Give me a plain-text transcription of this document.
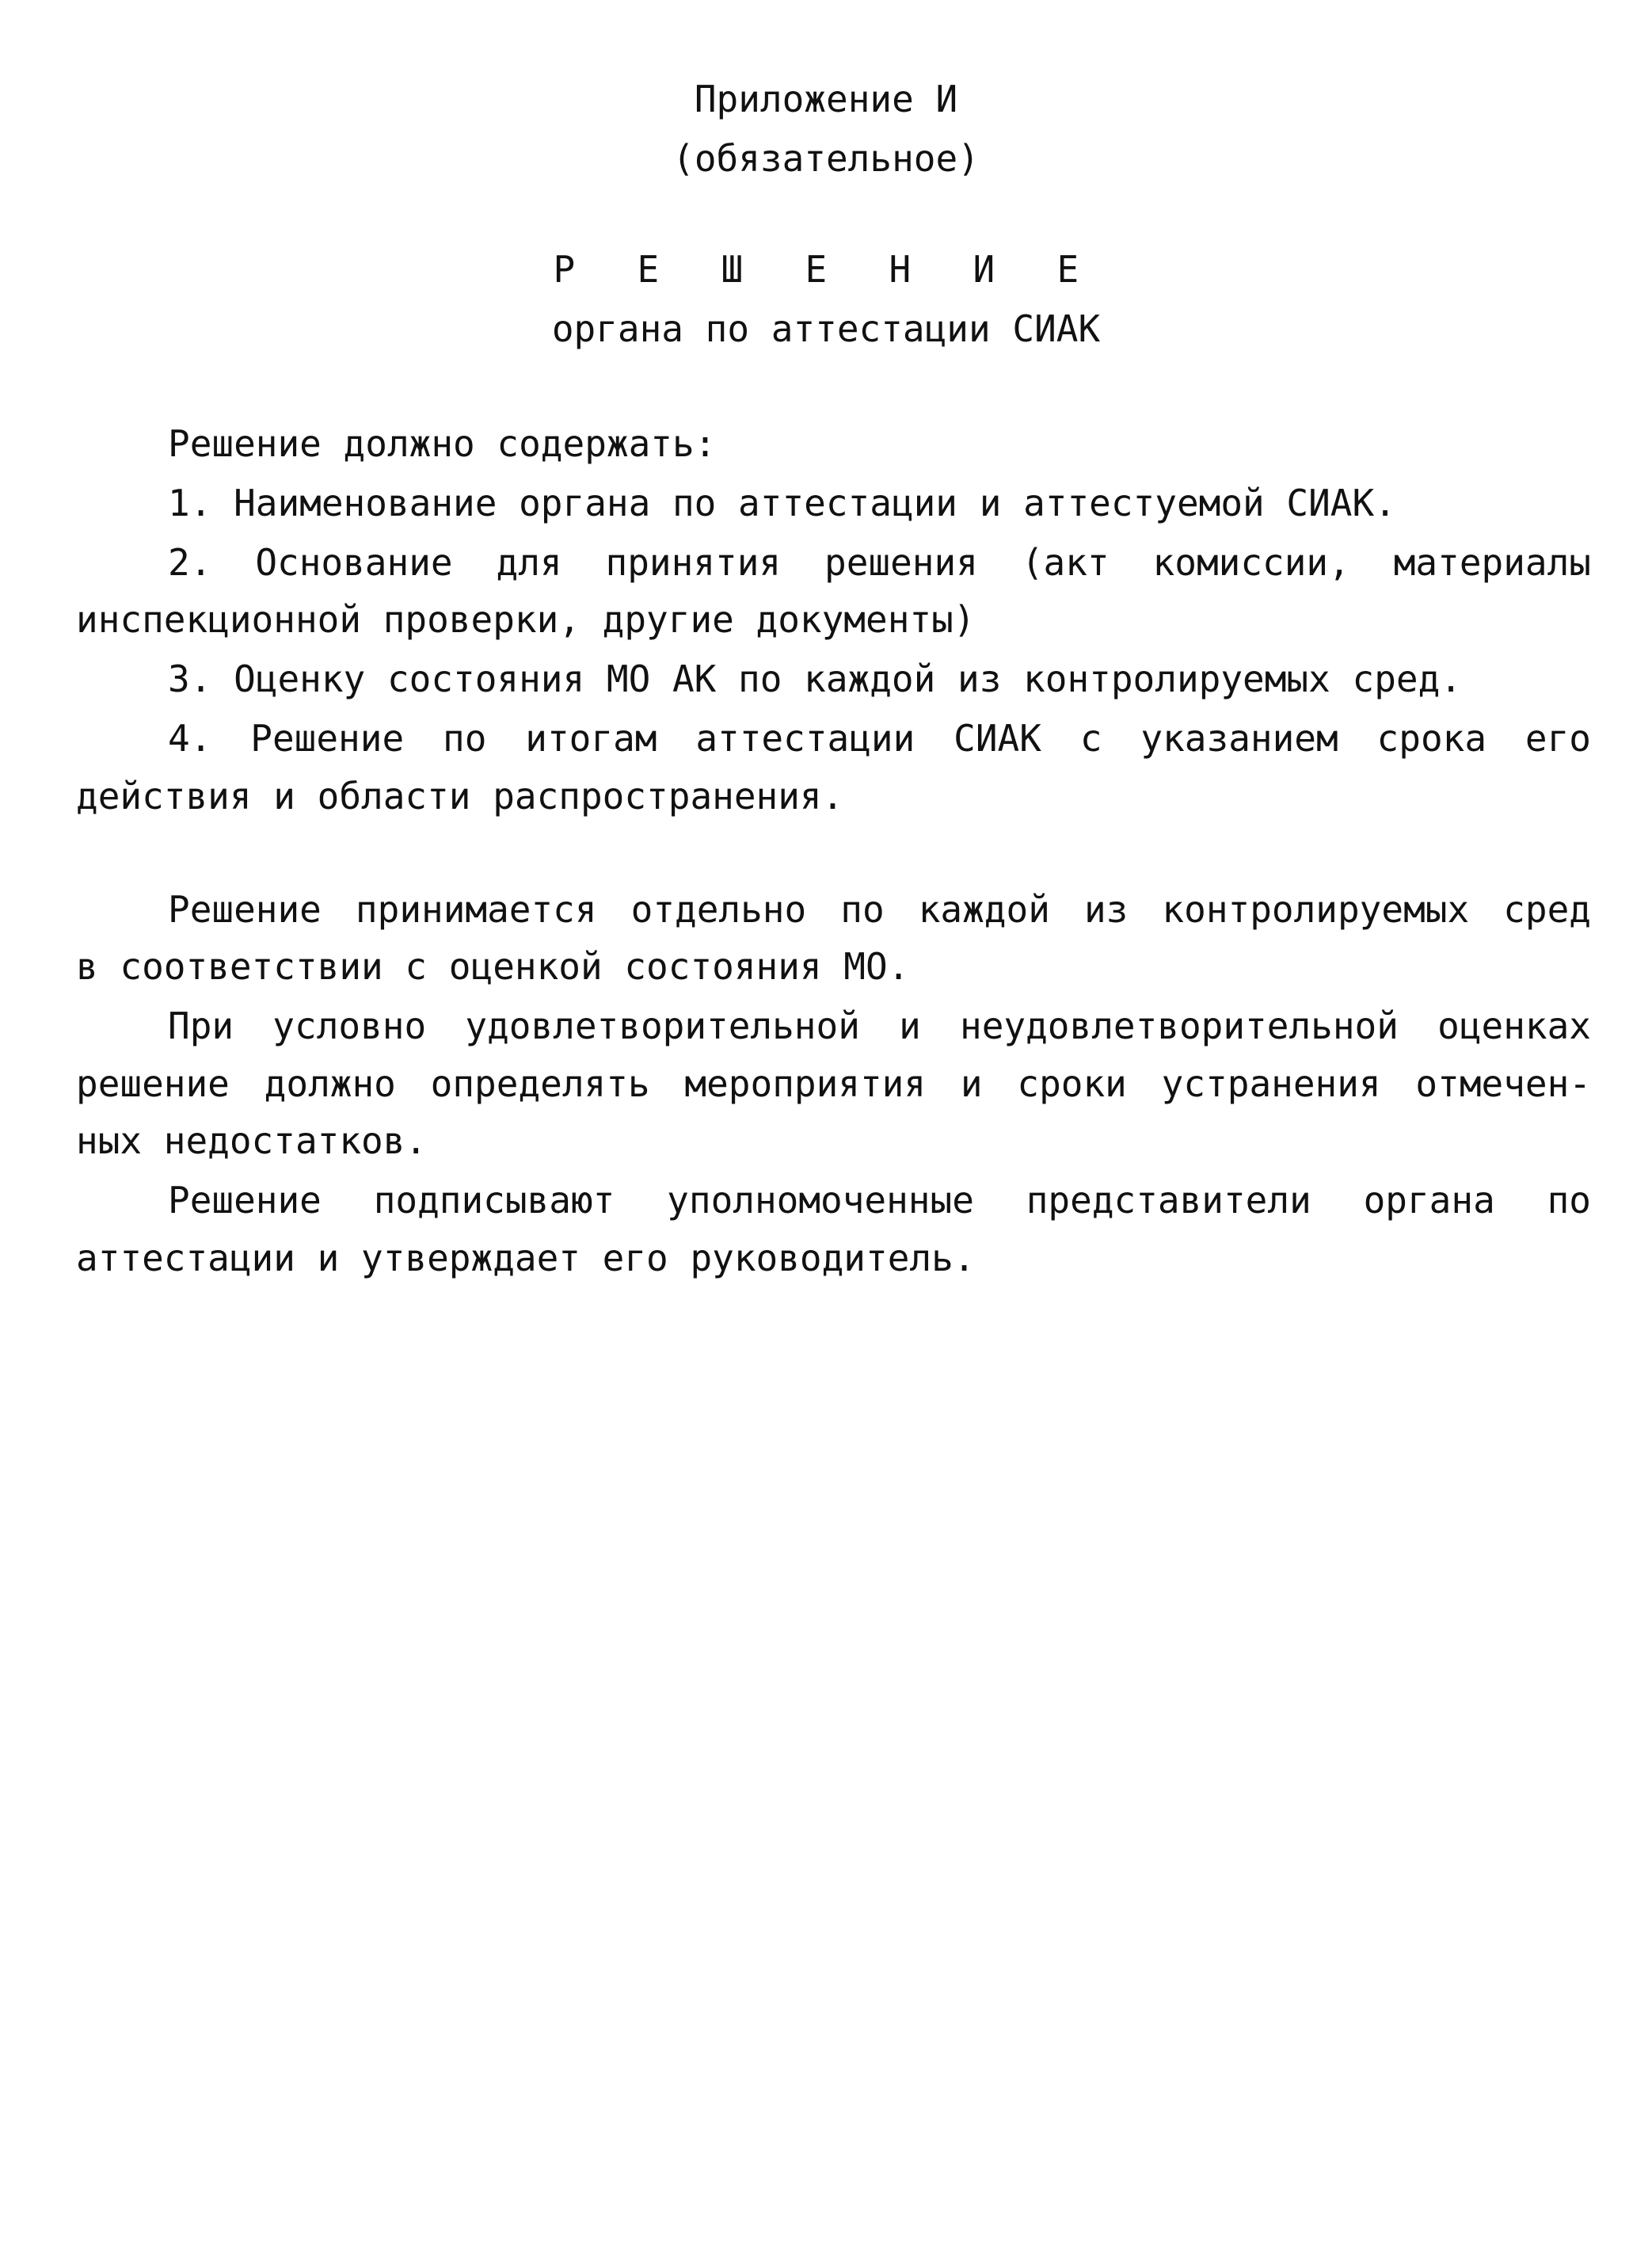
Приложение И
(обязательное)
Р Е Ш Е Н И Е
органа по аттестации СИАК
Решение должно содержать:
1. Наименование органа по аттестации и аттестуемой СИАК.
2. Основание для принятия решения (акт комиссии, материалы
инспекционной проверки, другие документы)
3. Оценку состояния МО АК по каждой из контролируемых сред.
4. Решение по итогам аттестации СИАК с указанием срока его
действия и области распространения.
Решение принимается отдельно по каждой из контролируемых сред
в соответствии с оценкой состояния МО.
При условно удовлетворительной и неудовлетворительной оценках
решение должно определять мероприятия и сроки устранения отмечен-
ных недостатков.
Решение подписывают уполномоченные представители органа по
аттестации и утверждает его руководитель.
